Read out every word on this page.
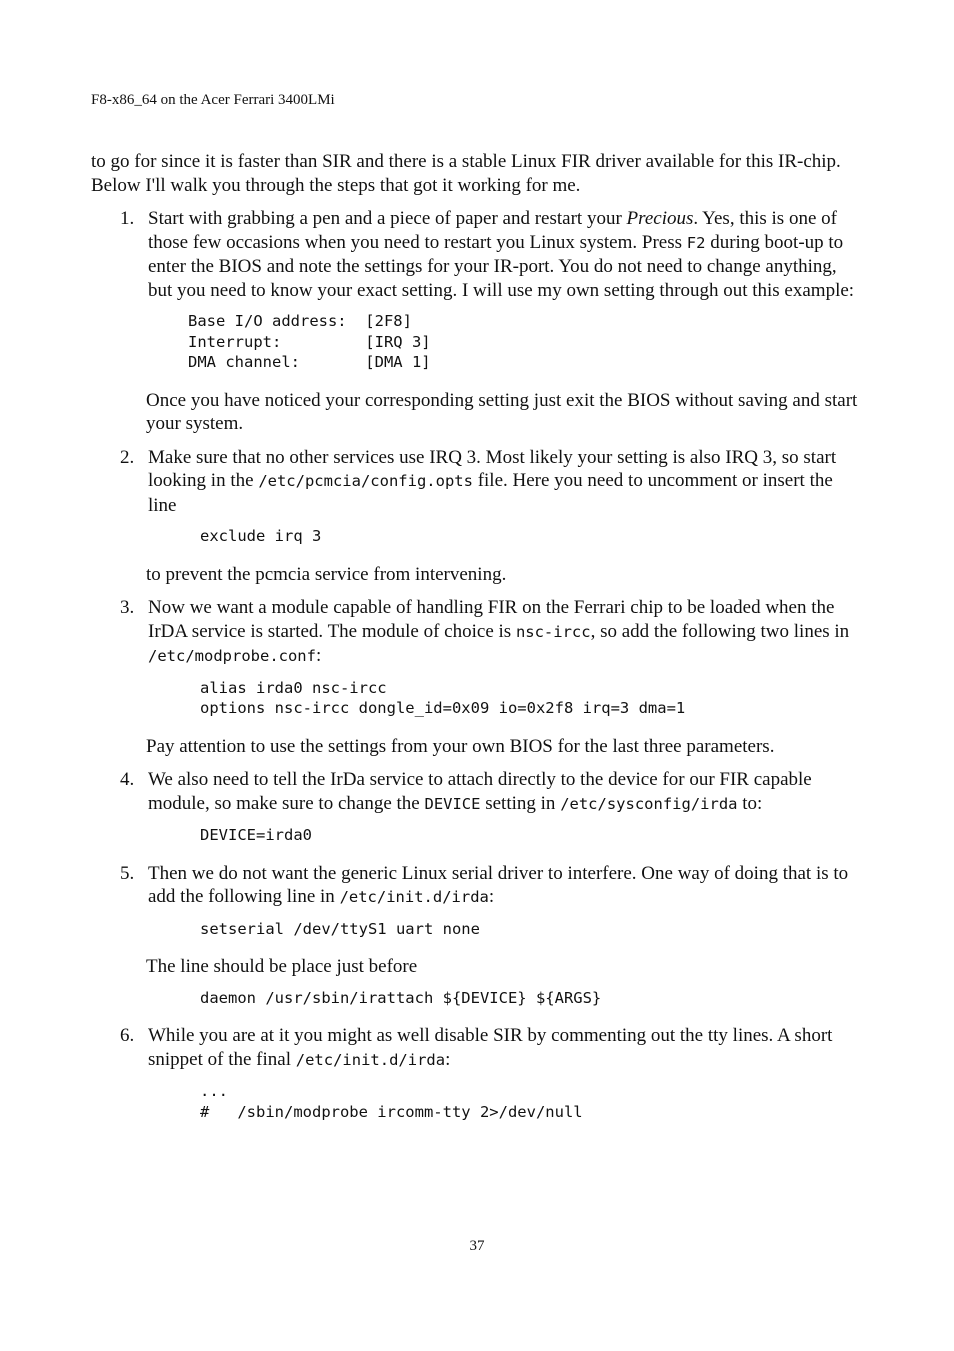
F8-x86_64 on the Acer Ferrari 3400LMi

to go for since it is faster than SIR and there is a stable Linux FIR driver available for this IR-chip. Below I'll walk you through the steps that got it working for me.

1. Start with grabbing a pen and a piece of paper and restart your Precious. Yes, this is one of those few occasions when you need to restart you Linux system. Press F2 during boot-up to enter the BIOS and note the settings for your IR-port. You do not need to change anything, but you need to know your exact setting. I will use my own setting through out this example:

Base I/O address:  [2F8]
Interrupt:         [IRQ 3]
DMA channel:       [DMA 1]

Once you have noticed your corresponding setting just exit the BIOS without saving and start your system.

2. Make sure that no other services use IRQ 3. Most likely your setting is also IRQ 3, so start looking in the /etc/pcmcia/config.opts file. Here you need to uncomment or insert the line

exclude irq 3

to prevent the pcmcia service from intervening.

3. Now we want a module capable of handling FIR on the Ferrari chip to be loaded when the IrDA service is started. The module of choice is nsc-ircc, so add the following two lines in /etc/modprobe.conf:

alias irda0 nsc-ircc
options nsc-ircc dongle_id=0x09 io=0x2f8 irq=3 dma=1

Pay attention to use the settings from your own BIOS for the last three parameters.

4. We also need to tell the IrDa service to attach directly to the device for our FIR capable module, so make sure to change the DEVICE setting in /etc/sysconfig/irda to:

DEVICE=irda0
5. Then we do not want the generic Linux serial driver to interfere. One way of doing that is to add the following line in /etc/init.d/irda:

setserial /dev/ttyS1 uart none

The line should be place just before

daemon /usr/sbin/irattach ${DEVICE} ${ARGS}
6. While you are at it you might as well disable SIR by commenting out the tty lines. A short snippet of the final /etc/init.d/irda:

...
#   /sbin/modprobe ircomm-tty 2>/dev/null
37
